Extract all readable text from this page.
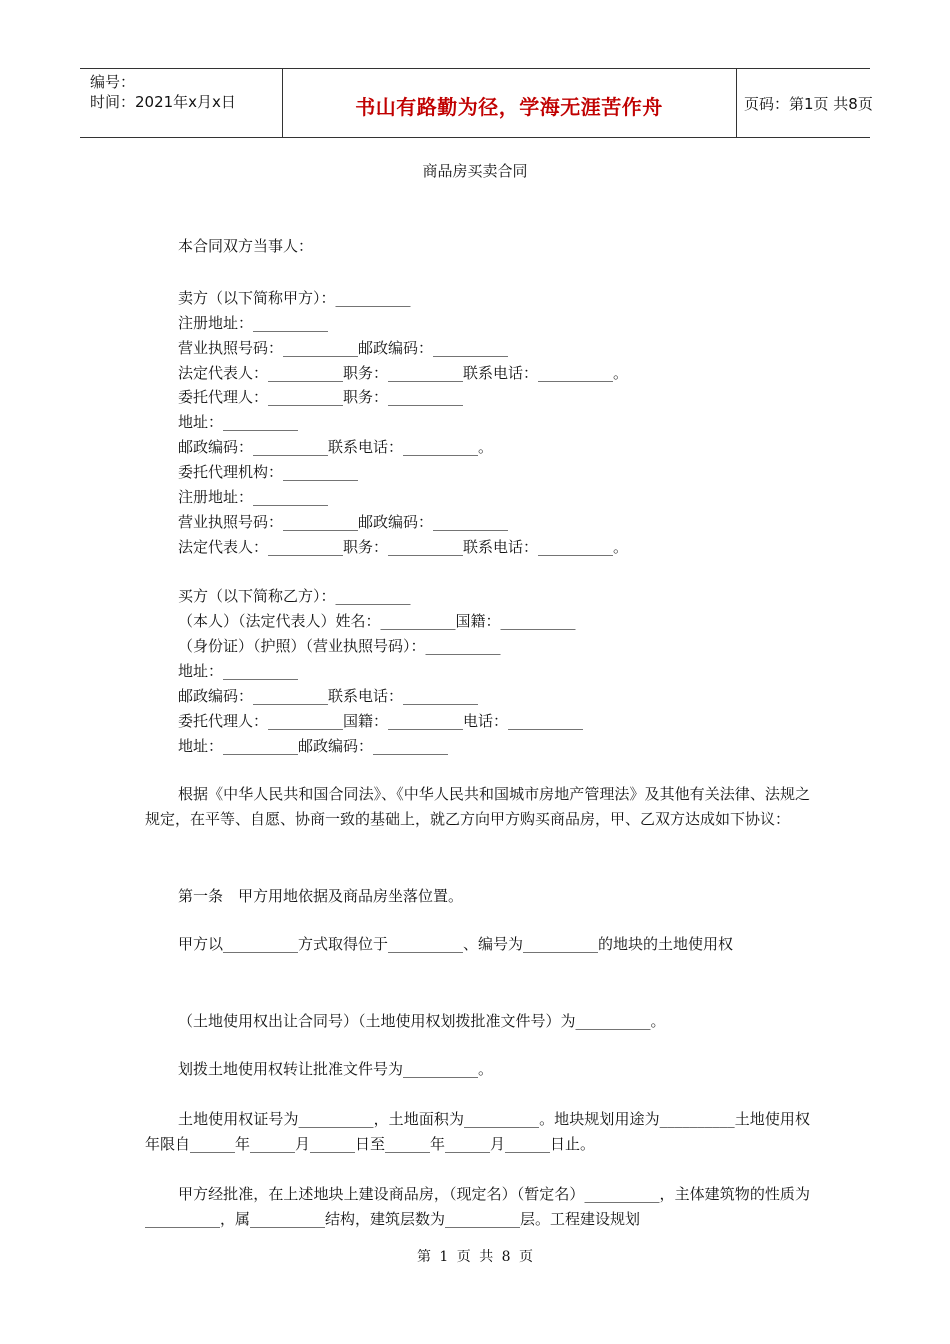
编号：
时间：2021年x月x日	书山有路勤为径，学海无涯苦作舟	页码：第1页 共8页
商品房买卖合同
本合同双方当事人：
卖方（以下简称甲方）：__________
注册地址：__________
营业执照号码：__________邮政编码：__________
法定代表人：__________职务：__________联系电话：__________。
委托代理人：__________职务：__________
地址：__________
邮政编码：__________联系电话：__________。
委托代理机构：__________
注册地址：__________
营业执照号码：__________邮政编码：__________
法定代表人：__________职务：__________联系电话：__________。
买方（以下简称乙方）：__________
（本人）（法定代表人）姓名：__________国籍：__________
（身份证）（护照）（营业执照号码）：__________
地址：__________
邮政编码：__________联系电话：__________
委托代理人：__________国籍：__________电话：__________
地址：__________邮政编码：__________
根据《中华人民共和国合同法》、《中华人民共和国城市房地产管理法》及其他有关法律、法规之规定，在平等、自愿、协商一致的基础上，就乙方向甲方购买商品房，甲、乙双方达成如下协议：
第一条　甲方用地依据及商品房坐落位置。
甲方以__________方式取得位于__________、编号为__________的地块的土地使用权
（土地使用权出让合同号）（土地使用权划拨批准文件号）为__________。
划拨土地使用权转让批准文件号为__________。
土地使用权证号为__________，土地面积为__________。地块规划用途为__________土地使用权年限自______年______月______日至______年______月______日止。
甲方经批准，在上述地块上建设商品房，（现定名）（暂定名）__________，主体建筑物的性质为__________，属__________结构，建筑层数为__________层。工程建设规划
第 1 页 共 8 页
